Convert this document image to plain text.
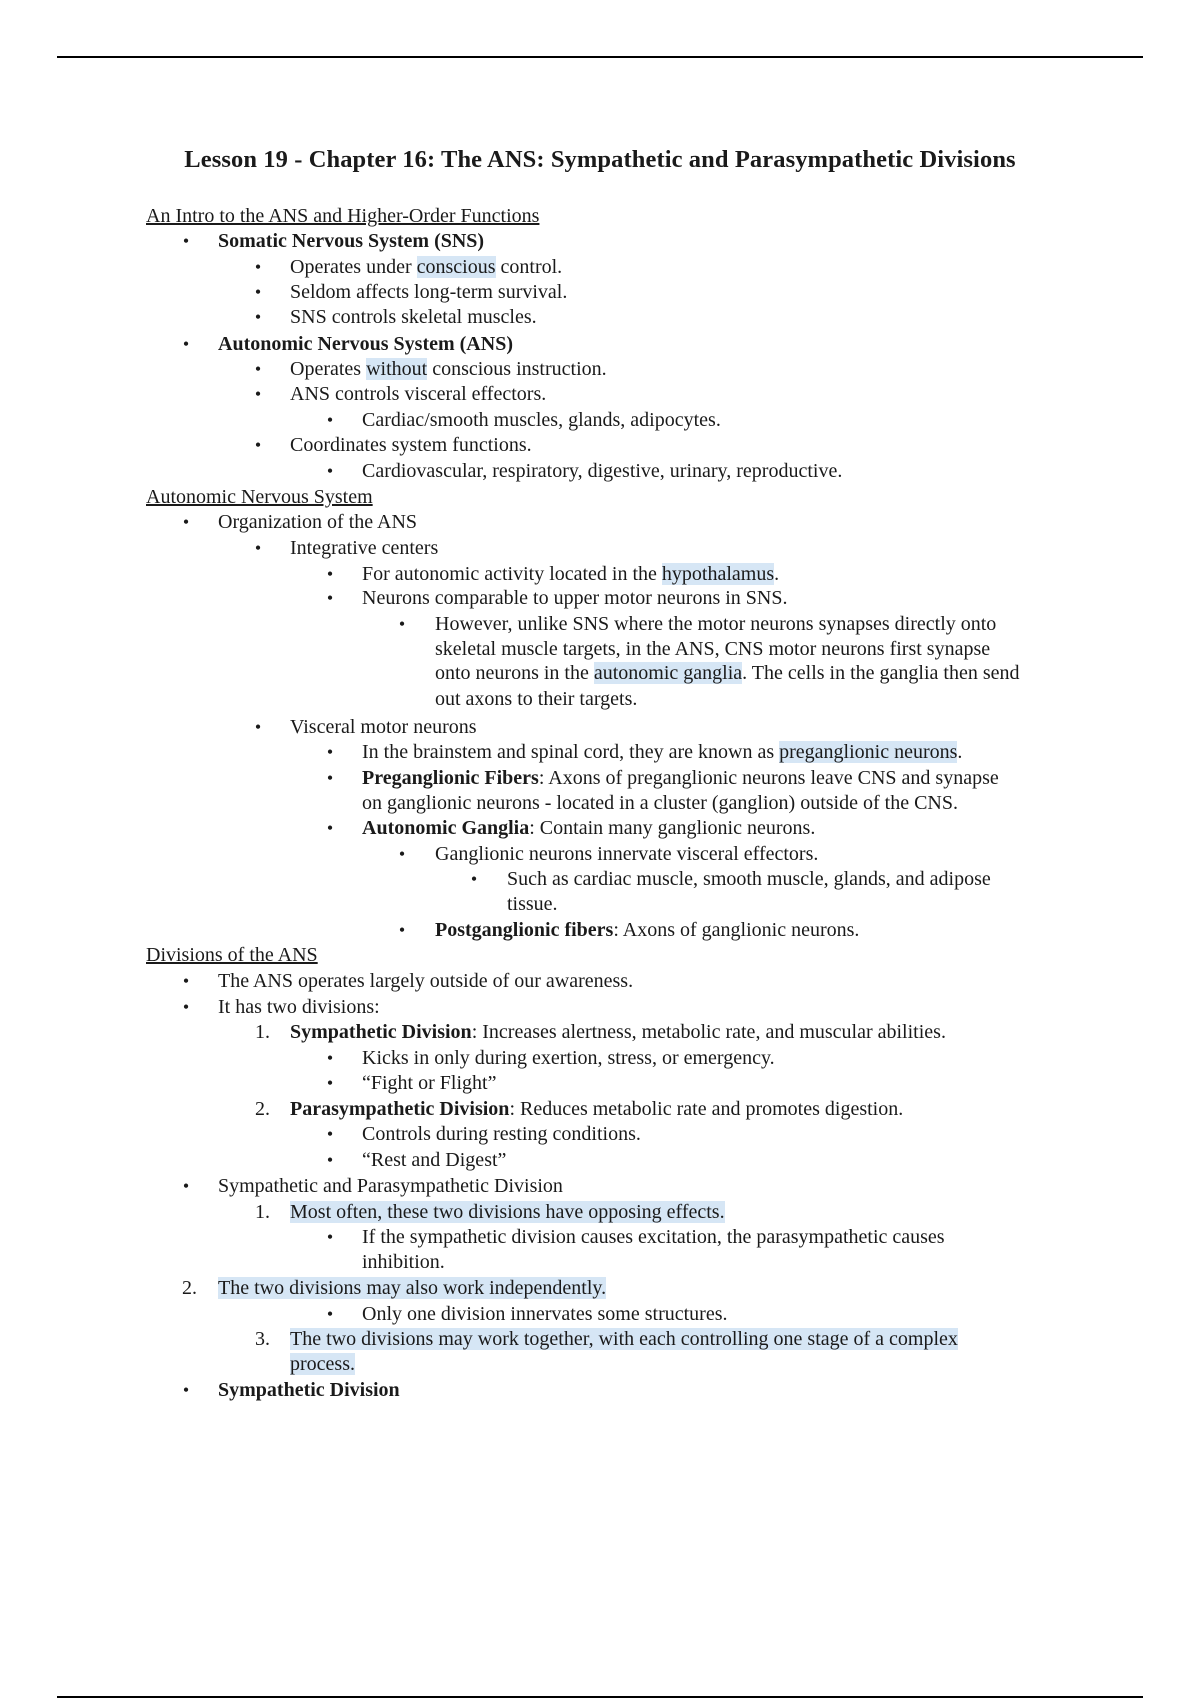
Lesson 19 - Chapter 16: The ANS: Sympathetic and Parasympathetic Divisions
An Intro to the ANS and Higher-Order Functions
•	Somatic Nervous System (SNS)
•	Operates under conscious control.
•	Seldom affects long-term survival.
•	SNS controls skeletal muscles.
•	Autonomic Nervous System (ANS)
•	Operates without conscious instruction.
•	ANS controls visceral effectors.
•	Cardiac/smooth muscles, glands, adipocytes.
•	Coordinates system functions.
•	Cardiovascular, respiratory, digestive, urinary, reproductive.
Autonomic Nervous System
•	Organization of the ANS
•	Integrative centers
•	For autonomic activity located in the hypothalamus.
•	Neurons comparable to upper motor neurons in SNS.
•	However, unlike SNS where the motor neurons synapses directly onto
skeletal muscle targets, in the ANS, CNS motor neurons first synapse
onto neurons in the autonomic ganglia. The cells in the ganglia then send
out axons to their targets.
•	Visceral motor neurons
•	In the brainstem and spinal cord, they are known as preganglionic neurons.
•	Preganglionic Fibers: Axons of preganglionic neurons leave CNS and synapse
on ganglionic neurons - located in a cluster (ganglion) outside of the CNS.
•	Autonomic Ganglia: Contain many ganglionic neurons.
•	Ganglionic neurons innervate visceral effectors.
•	Such as cardiac muscle, smooth muscle, glands, and adipose
tissue.
•	Postganglionic fibers: Axons of ganglionic neurons.
Divisions of the ANS
•	The ANS operates largely outside of our awareness.
•	It has two divisions:
1. Sympathetic Division: Increases alertness, metabolic rate, and muscular abilities.
•	Kicks in only during exertion, stress, or emergency.
•	“Fight or Flight”
2. Parasympathetic Division: Reduces metabolic rate and promotes digestion.
•	Controls during resting conditions.
•	“Rest and Digest”
•	Sympathetic and Parasympathetic Division
1. Most often, these two divisions have opposing effects.
•	If the sympathetic division causes excitation, the parasympathetic causes
inhibition.
2. The two divisions may also work independently.
•	Only one division innervates some structures.
3. The two divisions may work together, with each controlling one stage of a complex
process.
•	Sympathetic Division
